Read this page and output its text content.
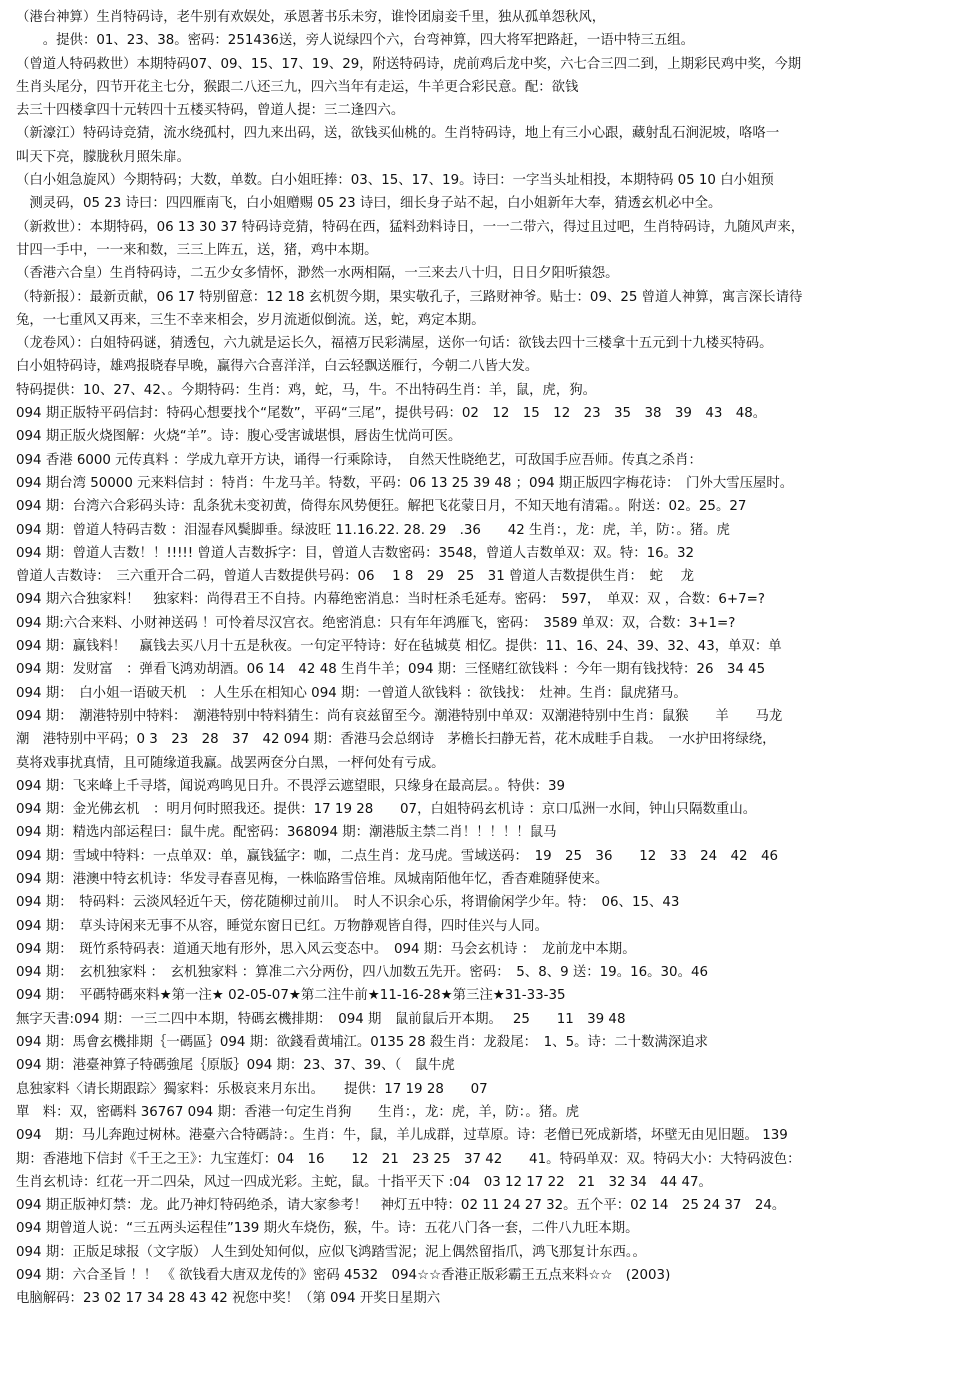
（港台神算）生肖特码诗，老牛别有欢娱处，承恩著书乐未穷，谁怜团扇妾千里，独从孤单怨秋风，
　　。提供：01、23、38。密码：251436送，旁人说绿四个六，台弯神算，四大将军把路赶，一语中特三五组。
（曾道人特码救世）本期特码07、09、15、17、19、29，附送特码诗，虎前鸡后龙中奖，六七合三四二到，上期彩民鸡中奖，今期
生肖头尾分，四节开花主七分，猴跟二八还三九，四六当年有走运，牛羊更合彩民意。配：欲钱
去三十四楼拿四十元转四十五楼买特码，曾道人提：三二逢四六。
（新濠江）特码诗竞猜，流水绕孤村，四九来出码，送，欲钱买仙桃的。生肖特码诗，地上有三小心跟，藏射乱石涧泥坡，咯咯一
叫天下亮，朦胧秋月照朱扉。
（白小姐急旋风）今期特码；大数，单数。白小姐旺捧：03、15、17、19。诗曰：一字当头址相投，本期特码 05 10 白小姐预
　测灵码，05 23 诗曰：四四雁南飞，白小姐赠赐 05 23 诗曰，细长身子站不起，白小姐新年大奉，猜透玄机必中全。
（新救世）：本期特码，06 13 30 37 特码诗竞猜，特码在西，猛料劲料诗日，一一二带六，得过且过吧，生肖特码诗，九随风声来，
甘四一手中，一一来和数，三三上阵五，送，猪，鸡中本期。
（香港六合皇）生肖特码诗，二五少女多情怀，渺然一水两相隔，一三来去八十归，日日夕阳听猿怨。
（特新报）：最新贡献，06 17 特别留意：12 18 玄机贺今期，果实敬孔子，三路财神爷。贴士：09、25 曾道人神算，寓言深长请待
兔，一七重风又再来，三生不幸来相会，岁月流逝似倒流。送，蛇，鸡定本期。
（龙卷风）：白姐特码谜，猜透包，六九就是运长久，福禧万民彩满屋，送你一句话：欲钱去四十三楼拿十五元到十九楼买特码。
白小姐特码诗，雄鸡报晓春早晚，赢得六合喜洋洋，白云轻飘送雁行，今朝二八皆大发。
特码提供：10、27、42、。今期特码：生肖：鸡，蛇，马，牛。不出特码生肖：羊，鼠，虎，狗。
094 期正版特平码信封：特码心想要找个“尾数”，平码“三尾”，提供号码：02　12　15　12　23　35　38　39　43　48。
094 期正版火烧图解：火烧“羊”。诗：腹心受害诚堪惧，唇齿生忧尚可医。
094 香港 6000 元传真料 ：学成九章开方诀，诵得一行乘除诗，　自然天性晓绝艺，可敌国手应吾师。传真之杀肖：
094 期台湾 50000 元来料信封 ：特肖：牛龙马羊。特数，平码：06 13 25 39 48 ；094 期正版四字梅花诗：　门外大雪压屋时。
094 期：台湾六合彩码头诗：乱条犹未变初黄，倚得东风势便狂。解把飞花蒙日月，不知天地有清霜。。附送：02。25。27
094 期：曾道人特码吉数 ：泪湿春风鬓脚垂。绿波旺 11.16.22. 28. 29　.36　　42 生肖：，龙：虎，羊，防：。猪。虎
094 期：曾道人吉数！！!!!!! 曾道人吉数拆字：目，曾道人吉数密码：3548，曾道人吉数单双：双。特：16。32
曾道人吉数诗：　三六重开合二码，曾道人吉数提供号码：06　 1 8　29　25　31 曾道人吉数提供生肖：　蛇　 龙
094 期六合独家料！　独家料：尚得君王不自持。内幕绝密消息：当时枉杀毛延寿。密码：　597，　单双：双 ，合数：6+7=?
094 期:六合来料、小财神送码 ！可怜着尽汉宫衣。绝密消息：只有年年鸿雁飞，密码：　3589 单双：双，合数：3+1=?
094 期：赢钱料！　赢钱去买八月十五是秋夜。一句定平特诗：好在毡城莫 相忆。提供：11、16、24、39、32、43，单双：单
094 期：发财富　：弹看飞鸿劝胡酒。06 14　42 48 生肖牛羊；094 期：三怪赌红欲钱料 ：今年一期有钱找特：26　34 45
094 期：　白小姐一语破天机　：人生乐在相知心 094 期：一曾道人欲钱料 ：欲钱找：　灶神。生肖：鼠虎猪马。
094 期：　潮港特别中特料：　潮港特别中特料猜生：尚有哀兹留至今。潮港特别中单双：双潮港特别中生肖：鼠猴　　羊　　马龙
潮　港特别中平码；0 3　23　28　37　42 094 期：香港马会总纲诗　茅檐长扫静无苔，花木成畦手自栽。　一水护田将绿绕，
莫将戏事扰真情，且可随缘道我赢。战罢两奁分白黑，一枰何处有亏成。
094 期：飞来峰上千寻塔，闻说鸡鸣见日升。不畏浮云遮望眼，只缘身在最高层。。特供：39
094 期：金光佛玄机　：明月何时照我还。提供：17 19 28　　07，白姐特码玄机诗 ：京口瓜洲一水间，钟山只隔数重山。
094 期：精选内部运程曰：鼠牛虎。配密码：368094 期：潮港版主禁二肖！！！！！鼠马
094 期：雪域中特料：一点单双：单，赢钱猛字：咖，二点生肖：龙马虎。雪域送码：　19　25　36　　12　33　24　42　46
094 期：港澳中特玄机诗：华发寻春喜见梅，一株临路雪倍堆。凤城南陌他年忆，香杳难随驿使来。
094 期：　特码料：云淡风轻近午天，傍花随柳过前川。　时人不识余心乐，将谓偷闲学少年。特：　06、15、43
094 期：　草头诗闲来无事不从容，睡觉东窗日已红。万物静观皆自得，四时佳兴与人同。
094 期：　斑竹系特码表：道通天地有形外，思入风云变态中。　094 期：马会玄机诗 ：　龙前龙中本期。
094 期：　玄机独家料 ：　玄机独家料 ：算准二六分两份，四八加数五先开。密码：　5、8、9 送：19。16。30。46
094 期：　平碼特碼來料★第一注★ 02-05-07★第二注牛前★11-16-28★第三注★31-33-35
無字天書:094 期：一三二四中本期，特碼玄機排期：　094 期　鼠前鼠后开本期。　 25　　11　39 48
094 期：馬會玄機排期｛一碼區｝094 期：欲錢看黄埔江。0135 28 殺生肖：龙殺尾：　1、5。诗：二十数满深追求
094 期：港臺神算子特碼強尾｛原版｝094 期：23、37、39、（　鼠牛虎
息独家料〈请长期跟踪〉獨家料：乐极哀来月东出。　　提供：17 19 28　　07
單　料：双，密碼料 36767 094 期：香港一句定生肖狗　　生肖：，龙：虎，羊，防：。猪。虎
094　期：马儿奔跑过树林。港臺六合特碼詩：。生肖：牛，鼠，羊儿成群，过草原。诗：老僧已死成新塔，坏壁无由见旧题。 139
期：香港地下信封《千王之王》：九宝莲灯：04　16　　12　21　23 25　37 42　　41。特码单双：双。特码大小：大特码波色：
生肖玄机诗：红花一开二四朵，风过一四成光彩。主蛇，鼠。十指平天下 :04　03 12 17 22　21　32 34　44 47。
094 期正版神灯禁：龙。此乃神灯特码绝杀，请大家参考！　神灯五中特：02 11 24 27 32。五个平：02 14　25 24 37　24。
094 期曾道人说：“三五两头运程佳”139 期火车烧伤，猴，牛。诗：五花八门各一套，二件八九旺本期。
094 期：正版足球报（文字版） 人生到处知何似，应似飞鸿踏雪泥；泥上偶然留指爪，鸿飞那复计东西。。
094 期：六合圣旨 ！！ 《 欲钱看大唐双龙传的》密码 4532　094☆☆香港正版彩霸王五点来料☆☆　(2003)
电脑解码：23 02 17 34 28 43 42 祝您中奖！（第 094 开奖日星期六
